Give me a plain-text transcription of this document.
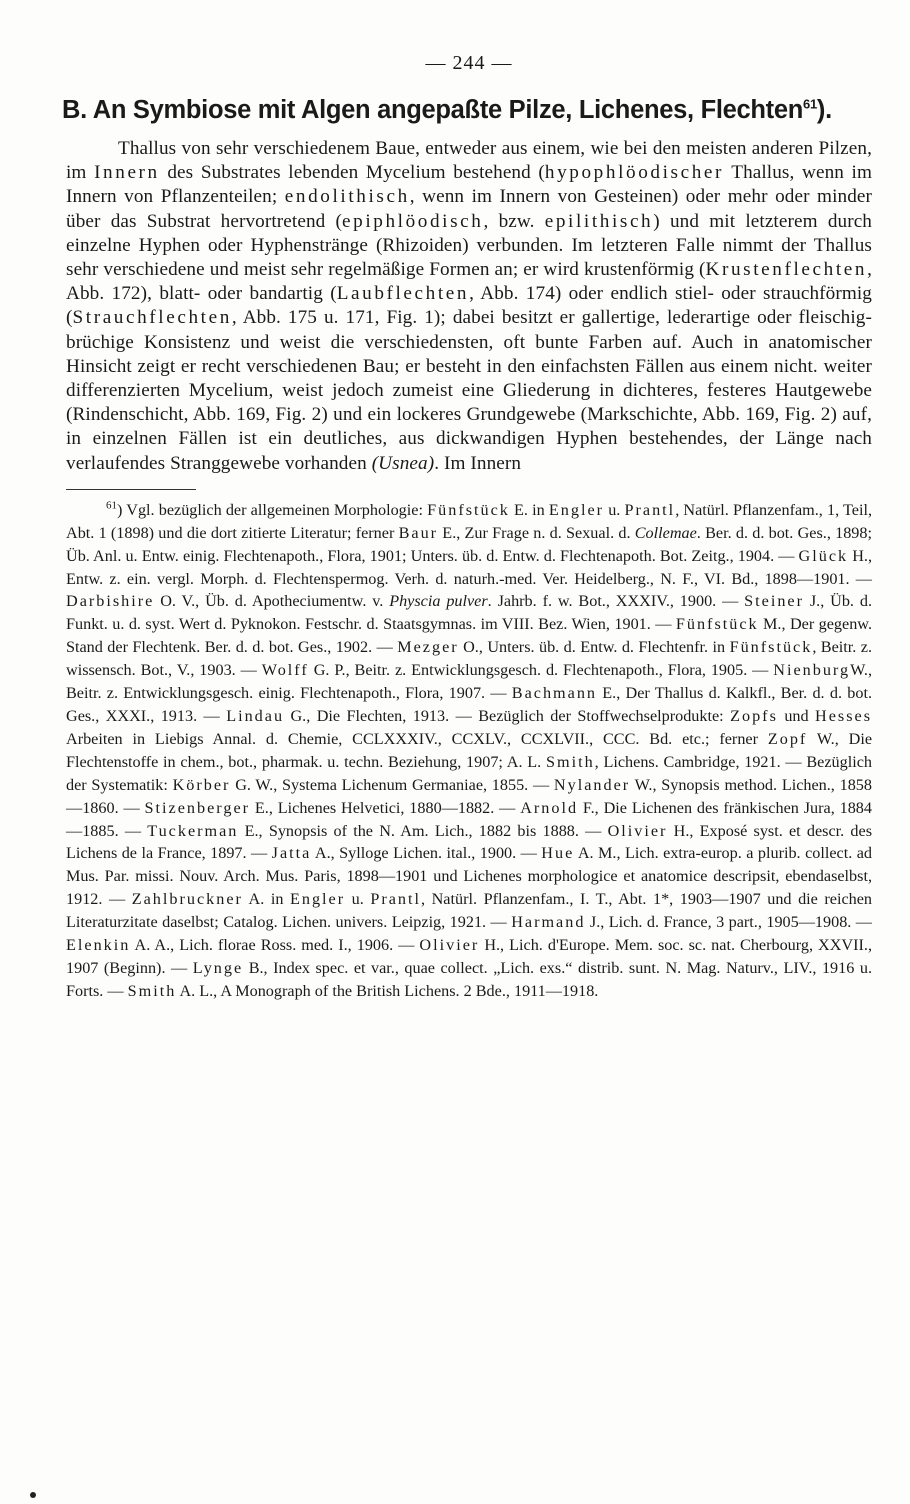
— 244 —
B. An Symbiose mit Algen angepaßte Pilze, Lichenes, Flechten$^{61}$).

Thallus von sehr verschiedenem Baue, entweder aus einem, wie bei den meisten anderen Pilzen, im Innern des Substrates lebenden Mycelium bestehend (hypophlöodischer Thallus, wenn im Innern von Pflanzenteilen; endolithisch, wenn im Innern von Gesteinen) oder mehr oder minder über das Substrat hervortretend (epiphlöodisch, bzw. epilithisch) und mit letzterem durch einzelne Hyphen oder Hyphenstränge (Rhizoiden) verbunden. Im letzteren Falle nimmt der Thallus sehr verschiedene und meist sehr regelmäßige Formen an; er wird krustenförmig (Krustenflechten, Abb. 172), blatt- oder bandartig (Laubflechten, Abb. 174) oder endlich stiel- oder strauchförmig (Strauchflechten, Abb. 175 u. 171, Fig. 1); dabei besitzt er gallertige, lederartige oder fleischig-brüchige Konsistenz und weist die verschiedensten, oft bunte Farben auf. Auch in anatomischer Hinsicht zeigt er recht verschiedenen Bau; er besteht in den einfachsten Fällen aus einem nicht. weiter differenzierten Mycelium, weist jedoch zumeist eine Gliederung in dichteres, festeres Hautgewebe (Rindenschicht, Abb. 169, Fig. 2) und ein lockeres Grundgewebe (Markschichte, Abb. 169, Fig. 2) auf, in einzelnen Fällen ist ein deutliches, aus dickwandigen Hyphen bestehendes, der Länge nach verlaufendes Stranggewebe vorhanden (Usnea). Im Innern

$^{61}$) Vgl. bezüglich der allgemeinen Morphologie: Fünfstück E. in Engler u. Prantl, Natürl. Pflanzenfam., 1, Teil, Abt. 1 (1898) und die dort zitierte Literatur; ferner Baur E., Zur Frage n. d. Sexual. d. Collemae. Ber. d. d. bot. Ges., 1898; Üb. Anl. u. Entw. einig. Flechtenapoth., Flora, 1901; Unters. üb. d. Entw. d. Flechtenapoth. Bot. Zeitg., 1904. — Glück H., Entw. z. ein. vergl. Morph. d. Flechtenspermog. Verh. d. naturh.-med. Ver. Heidelberg., N. F., VI. Bd., 1898—1901. — Darbishire O. V., Üb. d. Apotheciumentw. v. Physcia pulver. Jahrb. f. w. Bot., XXXIV., 1900. — Steiner J., Üb. d. Funkt. u. d. syst. Wert d. Pyknokon. Festschr. d. Staatsgymnas. im VIII. Bez. Wien, 1901. — Fünfstück M., Der gegenw. Stand der Flechtenk. Ber. d. d. bot. Ges., 1902. — Mezger O., Unters. üb. d. Entw. d. Flechtenfr. in Fünfstück, Beitr. z. wissensch. Bot., V., 1903. — Wolff G. P., Beitr. z. Entwicklungsgesch. d. Flechtenapoth., Flora, 1905. — NienburgW., Beitr. z. Entwicklungsgesch. einig. Flechtenapoth., Flora, 1907. — Bachmann E., Der Thallus d. Kalkfl., Ber. d. d. bot. Ges., XXXI., 1913. — Lindau G., Die Flechten, 1913. — Bezüglich der Stoffwechselprodukte: Zopfs und Hesses Arbeiten in Liebigs Annal. d. Chemie, CCLXXXIV., CCXLV., CCXLVII., CCC. Bd. etc.; ferner Zopf W., Die Flechtenstoffe in chem., bot., pharmak. u. techn. Beziehung, 1907; A. L. Smith, Lichens. Cambridge, 1921. — Bezüglich der Systematik: Körber G. W., Systema Lichenum Germaniae, 1855. — Nylander W., Synopsis method. Lichen., 1858—1860. — Stizenberger E., Lichenes Helvetici, 1880—1882. — Arnold F., Die Lichenen des fränkischen Jura, 1884—1885. — Tuckerman E., Synopsis of the N. Am. Lich., 1882 bis 1888. — Olivier H., Exposé syst. et descr. des Lichens de la France, 1897. — Jatta A., Sylloge Lichen. ital., 1900. — Hue A. M., Lich. extra-europ. a plurib. collect. ad Mus. Par. missi. Nouv. Arch. Mus. Paris, 1898—1901 und Lichenes morphologice et anatomice descripsit, ebendaselbst, 1912. — Zahlbruckner A. in Engler u. Prantl, Natürl. Pflanzenfam., I. T., Abt. 1*, 1903—1907 und die reichen Literaturzitate daselbst; Catalog. Lichen. univers. Leipzig, 1921. — Harmand J., Lich. d. France, 3 part., 1905—1908. — Elenkin A. A., Lich. florae Ross. med. I., 1906. — Olivier H., Lich. d'Europe. Mem. soc. sc. nat. Cherbourg, XXVII., 1907 (Beginn). — Lynge B., Index spec. et var., quae collect. „Lich. exs.“ distrib. sunt. N. Mag. Naturv., LIV., 1916 u. Forts. — Smith A. L., A Monograph of the British Lichens. 2 Bde., 1911—1918.
